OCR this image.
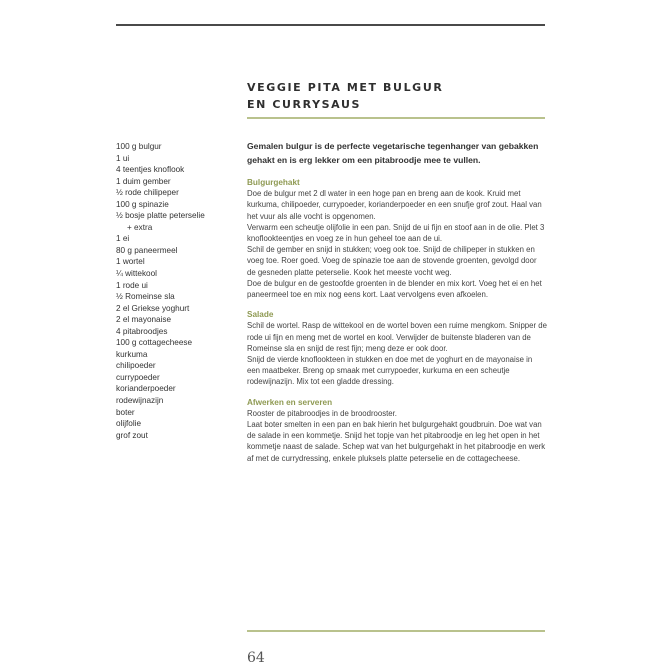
VEGGIE PITA MET BULGUR
EN CURRYSAUS
100 g bulgur
1 ui
4 teentjes knoflook
1 duim gember
½ rode chilipeper
100 g spinazie
½ bosje platte peterselie
+ extra
1 ei
80 g paneermeel
1 wortel
¼ wittekool
1 rode ui
½ Romeinse sla
2 el Griekse yoghurt
2 el mayonaise
4 pitabroodjes
100 g cottagecheese
kurkuma
chilipoeder
currypoeder
korianderpoeder
rodewijnazijn
boter
olijfolie
grof zout

Gemalen bulgur is de perfecte vegetarische tegenhanger van gebakken gehakt en is erg lekker om een pitabroodje mee te vullen.

Bulgurgehakt

Doe de bulgur met 2 dl water in een hoge pan en breng aan de kook. Kruid met kurkuma, chilipoeder, currypoeder, korianderpoeder en een snufje grof zout. Haal van het vuur als alle vocht is opgenomen.

Verwarm een scheutje olijfolie in een pan. Snijd de ui fijn en stoof aan in de olie. Plet 3 knoflookteentjes en voeg ze in hun geheel toe aan de ui.

Schil de gember en snijd in stukken; voeg ook toe. Snijd de chilipeper in stukken en voeg toe. Roer goed. Voeg de spinazie toe aan de stovende groenten, gevolgd door de gesneden platte peterselie. Kook het meeste vocht weg.

Doe de bulgur en de gestoofde groenten in de blender en mix kort. Voeg het ei en het paneermeel toe en mix nog eens kort. Laat vervolgens even afkoelen.

Salade

Schil de wortel. Rasp de wittekool en de wortel boven een ruime mengkom. Snipper de rode ui fijn en meng met de wortel en kool. Verwijder de buitenste bladeren van de Romeinse sla en snijd de rest fijn; meng deze er ook door.

Snijd de vierde knoflookteen in stukken en doe met de yoghurt en de mayonaise in een maatbeker. Breng op smaak met currypoeder, kurkuma en een scheutje rodewijnazijn. Mix tot een gladde dressing.

Afwerken en serveren

Rooster de pitabroodjes in de broodrooster.

Laat boter smelten in een pan en bak hierin het bulgurgehakt goudbruin. Doe wat van de salade in een kommetje. Snijd het topje van het pitabroodje en leg het open in het kommetje naast de salade. Schep wat van het bulgurgehakt in het pitabroodje en werk af met de currydressing, enkele pluksels platte peterselie en de cottagecheese.

64
